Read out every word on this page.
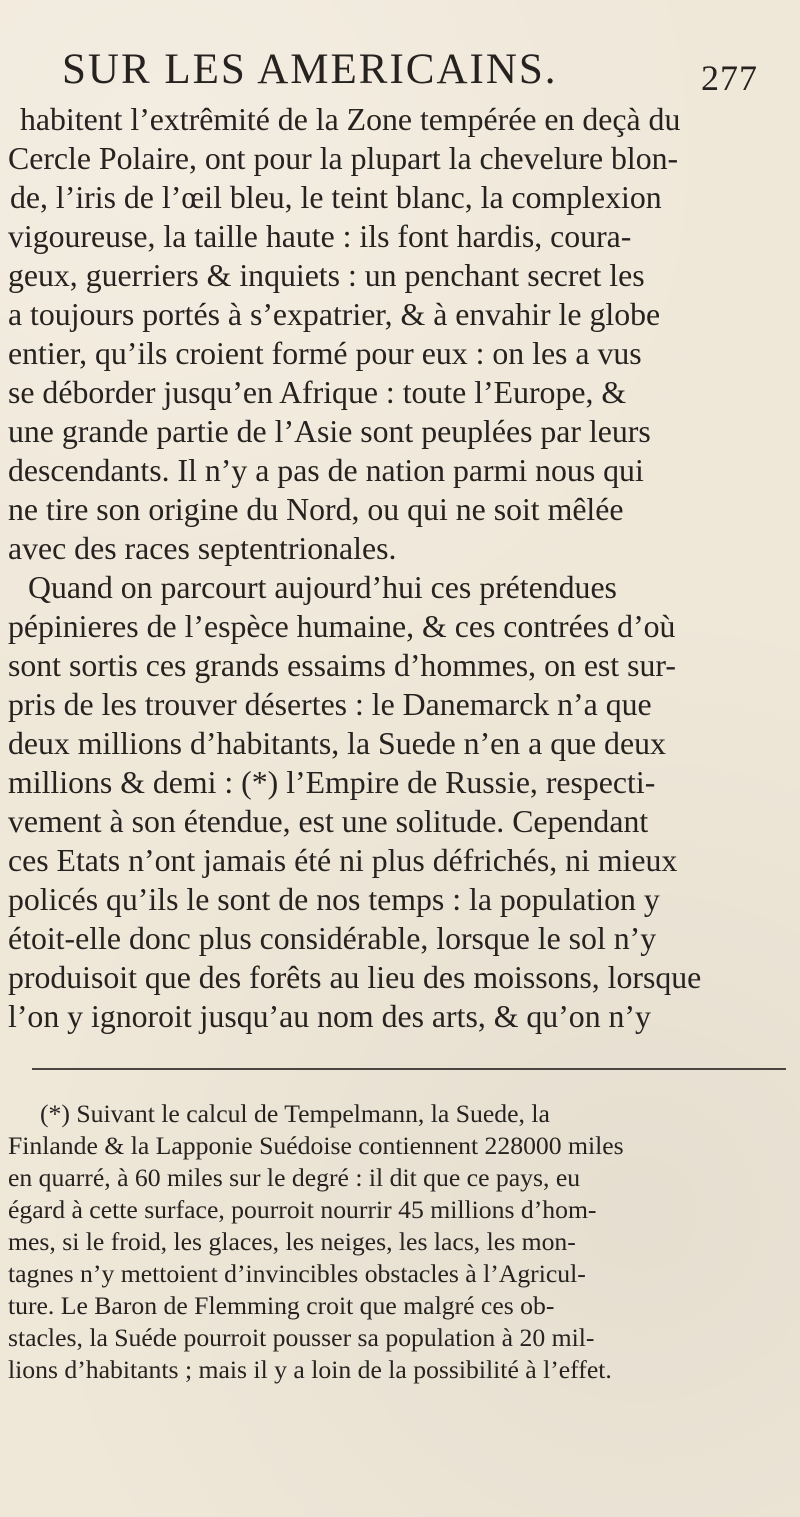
SUR LES AMERICAINS.	277
habitent l’extrêmité de la Zone tempérée en deçà du
Cercle Polaire, ont pour la plupart la chevelure blon-
de, l’iris de l’œil bleu, le teint blanc, la complexion
vigoureuse, la taille haute : ils font hardis, coura-
geux, guerriers & inquiets : un penchant secret les
a toujours portés à s’expatrier, & à envahir le globe
entier, qu’ils croient formé pour eux : on les a vus
se déborder jusqu’en Afrique : toute l’Europe, &
une grande partie de l’Asie sont peuplées par leurs
descendants. Il n’y a pas de nation parmi nous qui
ne tire son origine du Nord, ou qui ne soit mêlée
avec des races septentrionales.
Quand on parcourt aujourd’hui ces prétendues
pépinieres de l’espèce humaine, & ces contrées d’où
sont sortis ces grands essaims d’hommes, on est sur-
pris de les trouver désertes : le Danemarck n’a que
deux millions d’habitants, la Suede n’en a que deux
millions & demi : (*) l’Empire de Russie, respecti-
vement à son étendue, est une solitude. Cependant
ces Etats n’ont jamais été ni plus défrichés, ni mieux
policés qu’ils le sont de nos temps : la population y
étoit-elle donc plus considérable, lorsque le sol n’y
produisoit que des forêts au lieu des moissons, lorsque
l’on y ignoroit jusqu’au nom des arts, & qu’on n’y
(*) Suivant le calcul de Tempelmann, la Suede, la
Finlande & la Lapponie Suédoise contiennent 228000 miles
en quarré, à 60 miles sur le degré : il dit que ce pays, eu
égard à cette surface, pourroit nourrir 45 millions d’hom-
mes, si le froid, les glaces, les neiges, les lacs, les mon-
tagnes n’y mettoient d’invincibles obstacles à l’Agricul-
ture. Le Baron de Flemming croit que malgré ces ob-
stacles, la Suéde pourroit pousser sa population à 20 mil-
lions d’habitants ; mais il y a loin de la possibilité à l’effet.
